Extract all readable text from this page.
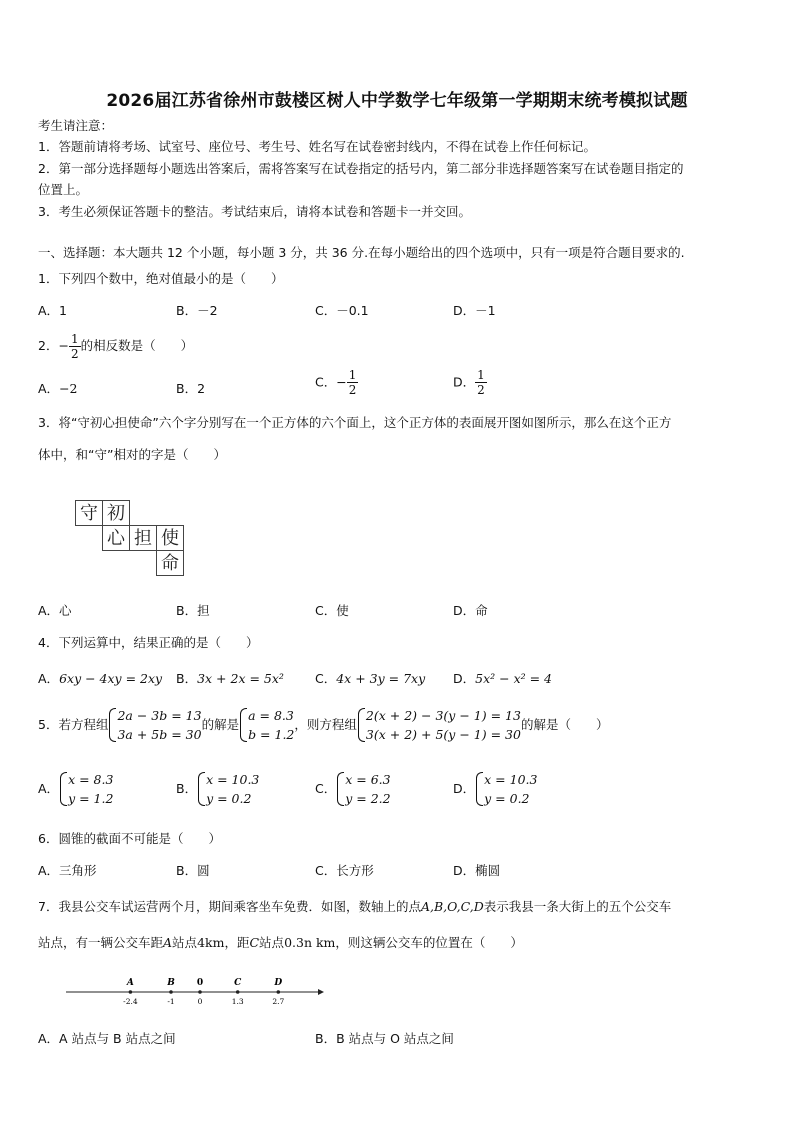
2026届江苏省徐州市鼓楼区树人中学数学七年级第一学期期末统考模拟试题
考生请注意：
1．答题前请将考场、试室号、座位号、考生号、姓名写在试卷密封线内，不得在试卷上作任何标记。
2．第一部分选择题每小题选出答案后，需将答案写在试卷指定的括号内，第二部分非选择题答案写在试卷题目指定的
位置上。
3．考生必须保证答题卡的整洁。考试结束后，请将本试卷和答题卡一并交回。
一、选择题：本大题共 12 个小题，每小题 3 分，共 36 分.在每小题给出的四个选项中，只有一项是符合题目要求的.
1．下列四个数中，绝对值最小的是（　　）
A．1	B．－2	C．－0.1	D．－1
2．− $\frac{1}{2}$ 的相反数是（　　）
A．−2	B．2	C．− $\frac{1}{2}$	D． $\frac{1}{2}$
3．将“守初心担使命”六个字分别写在一个正方体的六个面上，这个正方体的表面展开图如图所示，那么在这个正方
体中，和“守”相对的字是（　　）
守 初
心 担 使
命
A．心	B．担	C．使	D．命
4．下列运算中，结果正确的是（　　）
A．6xy − 4xy = 2xy B．3x + 2x = 5x² C．4x + 3y = 7xy D．5x² − x² = 4
5．若方程组
2a − 3b = 13
3a + 5b = 30
的解是
a = 8.3
b = 1.2
，则方程组
2(x + 2) − 3(y − 1) = 13
3(x + 2) + 5(y − 1) = 30
的解是（　　）
A．
x = 8.3
y = 1.2
B．
x = 10.3
y = 0.2
C．
x = 6.3
y = 2.2
D．
x = 10.3
y = 0.2
6．圆锥的截面不可能是（　　）
A．三角形	B．圆	C．长方形	D．椭圆
7．我县公交车试运营两个月，期间乘客坐车免费．如图，数轴上的点A,B,O,C,D表示我县一条大街上的五个公交车
站点，有一辆公交车距A站点4km，距C站点0.3n km，则这辆公交车的位置在（　　）
A
-2.4
B
-1
0
0
C
1.3
D
2.7
A．A 站点与 B 站点之间	B．B 站点与 O 站点之间
